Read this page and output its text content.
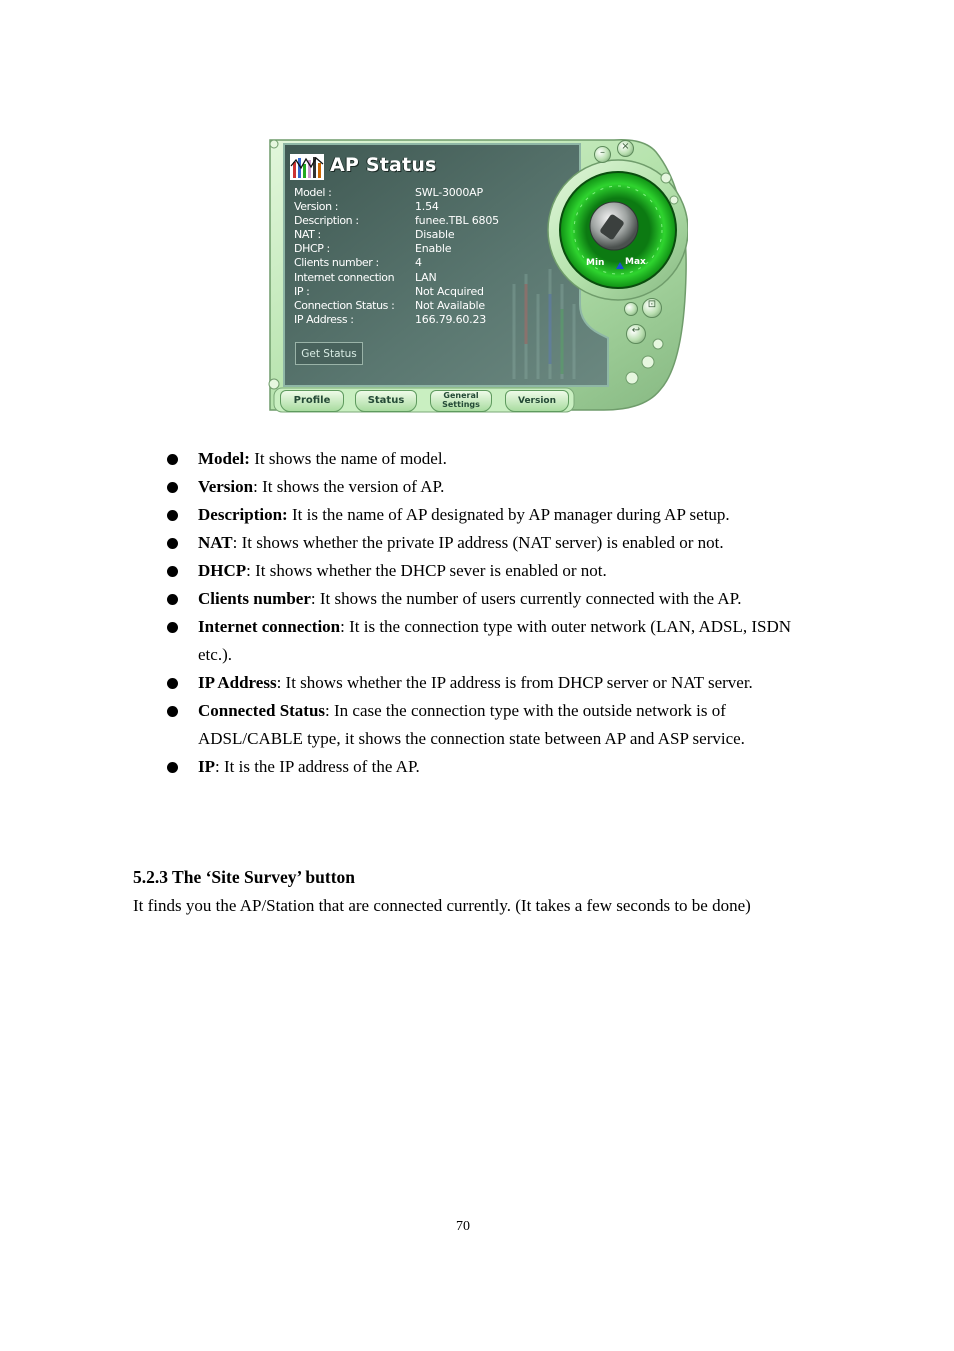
AP Status
Model :	SWL-3000AP
Version :	1.54
Description :	funee.TBL 6805
NAT :	Disable
DHCP :	Enable
Clients number :	4
Internet connection	LAN
IP :	Not Acquired
Connection Status :	Not Available
IP Address :	166.79.60.23
Get Status
Min Max
–
×
⊡
↩
Profile	Status	General
Settings	Version
Model: It shows the name of model.
Version: It shows the version of AP.
Description: It is the name of AP designated by AP manager during AP setup.
NAT: It shows whether the private IP address (NAT server) is enabled or not.
DHCP: It shows whether the DHCP sever is enabled or not.
Clients number: It shows the number of users currently connected with the AP.
Internet connection: It is the connection type with outer network (LAN, ADSL, ISDN etc.).
IP Address: It shows whether the IP address is from DHCP server or NAT server.
Connected Status: In case the connection type with the outside network is of ADSL/CABLE type, it shows the connection state between AP and ASP service.
IP: It is the IP address of the AP.
5.2.3 The ‘Site Survey’ button
It finds you the AP/Station that are connected currently. (It takes a few seconds to be done)
70
